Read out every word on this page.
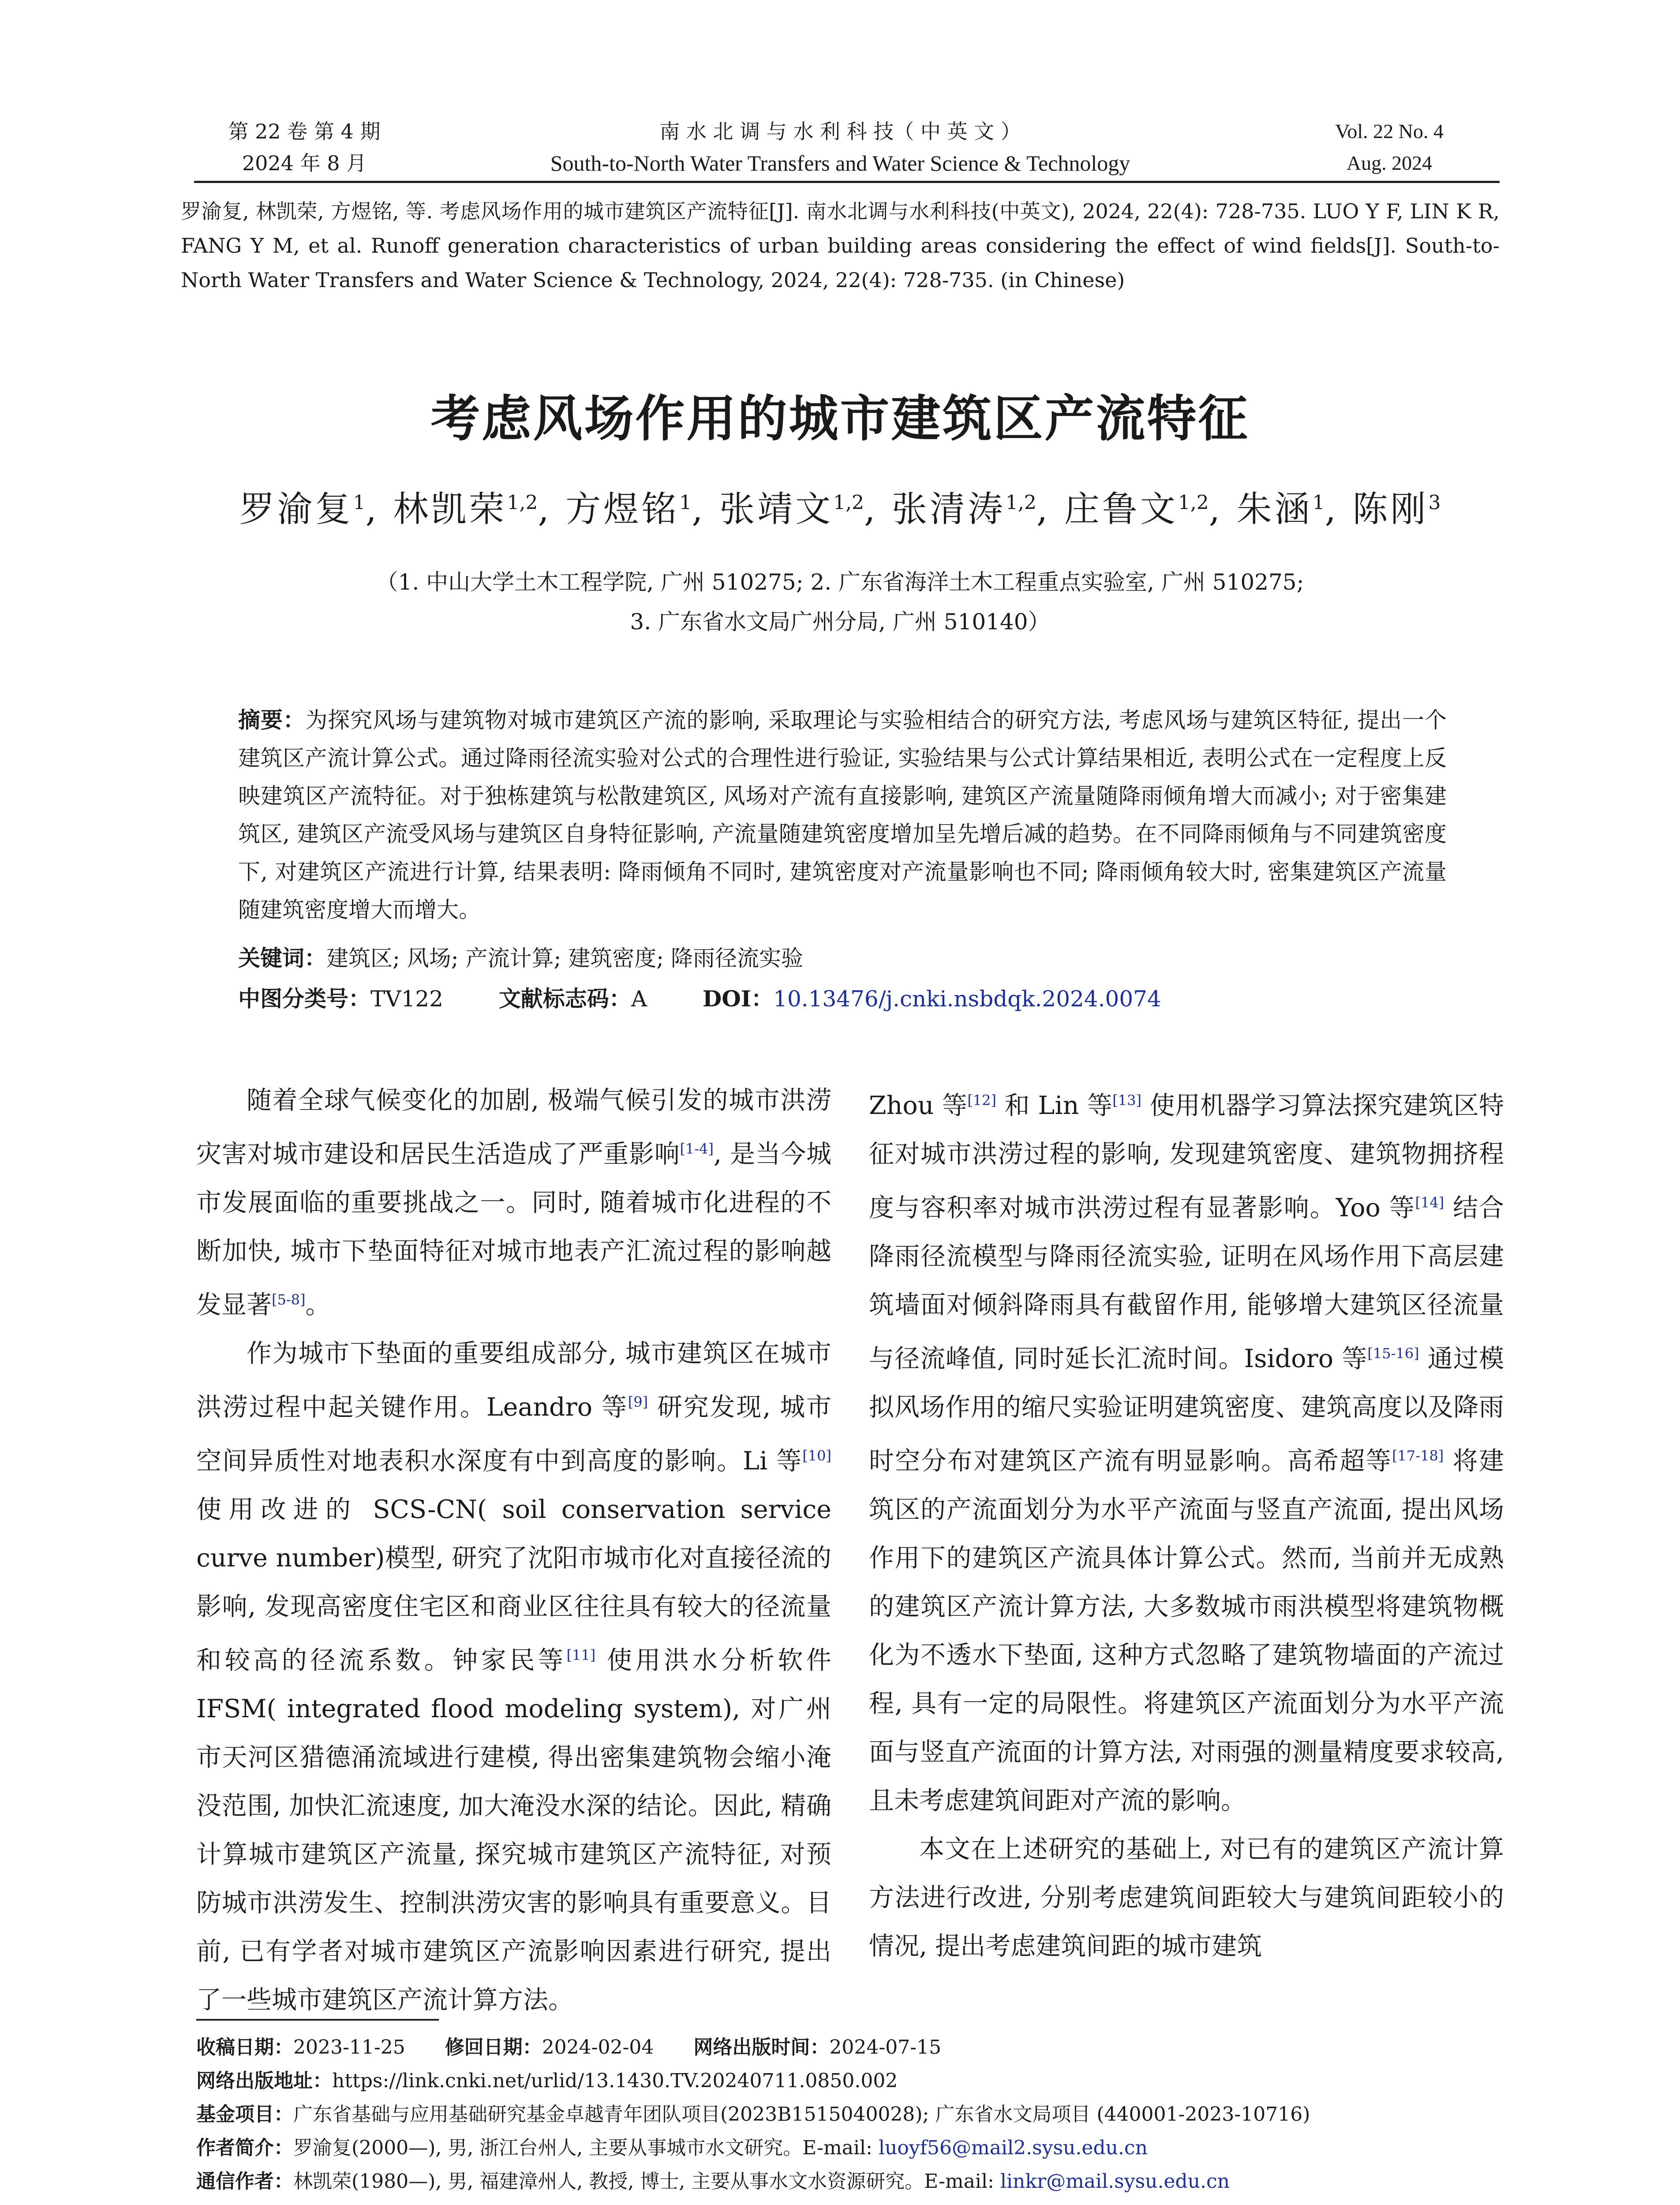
第 22 卷 第 4 期
2024 年 8 月
南 水 北 调 与 水 利 科 技（ 中 英 文 ）
South-to-North Water Transfers and Water Science & Technology
Vol. 22 No. 4
Aug. 2024
罗渝复, 林凯荣, 方煜铭, 等. 考虑风场作用的城市建筑区产流特征[J]. 南水北调与水利科技(中英文), 2024, 22(4): 728-735. LUO Y F, LIN K R, FANG Y M, et al. Runoff generation characteristics of urban building areas considering the effect of wind fields[J]. South-to-North Water Transfers and Water Science & Technology, 2024, 22(4): 728-735. (in Chinese)
考虑风场作用的城市建筑区产流特征
罗渝复$^1$, 林凯荣$^{1,2}$, 方煜铭$^1$, 张靖文$^{1,2}$, 张清涛$^{1,2}$, 庄鲁文$^{1,2}$, 朱涵$^1$, 陈刚$^3$
（1. 中山大学土木工程学院, 广州 510275; 2. 广东省海洋土木工程重点实验室, 广州 510275;
3. 广东省水文局广州分局, 广州 510140）
摘要：为探究风场与建筑物对城市建筑区产流的影响, 采取理论与实验相结合的研究方法, 考虑风场与建筑区特征, 提出一个建筑区产流计算公式。通过降雨径流实验对公式的合理性进行验证, 实验结果与公式计算结果相近, 表明公式在一定程度上反映建筑区产流特征。对于独栋建筑与松散建筑区, 风场对产流有直接影响, 建筑区产流量随降雨倾角增大而减小; 对于密集建筑区, 建筑区产流受风场与建筑区自身特征影响, 产流量随建筑密度增加呈先增后减的趋势。在不同降雨倾角与不同建筑密度下, 对建筑区产流进行计算, 结果表明: 降雨倾角不同时, 建筑密度对产流量影响也不同; 降雨倾角较大时, 密集建筑区产流量随建筑密度增大而增大。
关键词：建筑区; 风场; 产流计算; 建筑密度; 降雨径流实验
中图分类号：TV122	文献标志码：A	DOI：10.13476/j.cnki.nsbdqk.2024.0074

随着全球气候变化的加剧, 极端气候引发的城市洪涝灾害对城市建设和居民生活造成了严重影响[1-4], 是当今城市发展面临的重要挑战之一。同时, 随着城市化进程的不断加快, 城市下垫面特征对城市地表产汇流过程的影响越发显著[5-8]。

作为城市下垫面的重要组成部分, 城市建筑区在城市洪涝过程中起关键作用。Leandro 等[9] 研究发现, 城市空间异质性对地表积水深度有中到高度的影响。Li 等[10] 使用改进的 SCS-CN( soil conservation service curve number)模型, 研究了沈阳市城市化对直接径流的影响, 发现高密度住宅区和商业区往往具有较大的径流量和较高的径流系数。钟家民等[11] 使用洪水分析软件 IFSM( integrated flood modeling system), 对广州市天河区猎德涌流域进行建模, 得出密集建筑物会缩小淹没范围, 加快汇流速度, 加大淹没水深的结论。因此, 精确计算城市建筑区产流量, 探究城市建筑区产流特征, 对预防城市洪涝发生、控制洪涝灾害的影响具有重要意义。目前, 已有学者对城市建筑区产流影响因素进行研究, 提出了一些城市建筑区产流计算方法。

Zhou 等[12] 和 Lin 等[13] 使用机器学习算法探究建筑区特征对城市洪涝过程的影响, 发现建筑密度、建筑物拥挤程度与容积率对城市洪涝过程有显著影响。Yoo 等[14] 结合降雨径流模型与降雨径流实验, 证明在风场作用下高层建筑墙面对倾斜降雨具有截留作用, 能够增大建筑区径流量与径流峰值, 同时延长汇流时间。Isidoro 等[15-16] 通过模拟风场作用的缩尺实验证明建筑密度、建筑高度以及降雨时空分布对建筑区产流有明显影响。高希超等[17-18] 将建筑区的产流面划分为水平产流面与竖直产流面, 提出风场作用下的建筑区产流具体计算公式。然而, 当前并无成熟的建筑区产流计算方法, 大多数城市雨洪模型将建筑物概化为不透水下垫面, 这种方式忽略了建筑物墙面的产流过程, 具有一定的局限性。将建筑区产流面划分为水平产流面与竖直产流面的计算方法, 对雨强的测量精度要求较高, 且未考虑建筑间距对产流的影响。

本文在上述研究的基础上, 对已有的建筑区产流计算方法进行改进, 分别考虑建筑间距较大与建筑间距较小的情况, 提出考虑建筑间距的城市建筑

收稿日期：2023-11-25 修回日期：2024-02-04 网络出版时间：2024-07-15
网络出版地址：https://link.cnki.net/urlid/13.1430.TV.20240711.0850.002
基金项目：广东省基础与应用基础研究基金卓越青年团队项目(2023B1515040028); 广东省水文局项目 (440001-2023-10716)
作者简介：罗渝复(2000—), 男, 浙江台州人, 主要从事城市水文研究。E-mail: luoyf56@mail2.sysu.edu.cn
通信作者：林凯荣(1980—), 男, 福建漳州人, 教授, 博士, 主要从事水文水资源研究。E-mail: linkr@mail.sysu.edu.cn
